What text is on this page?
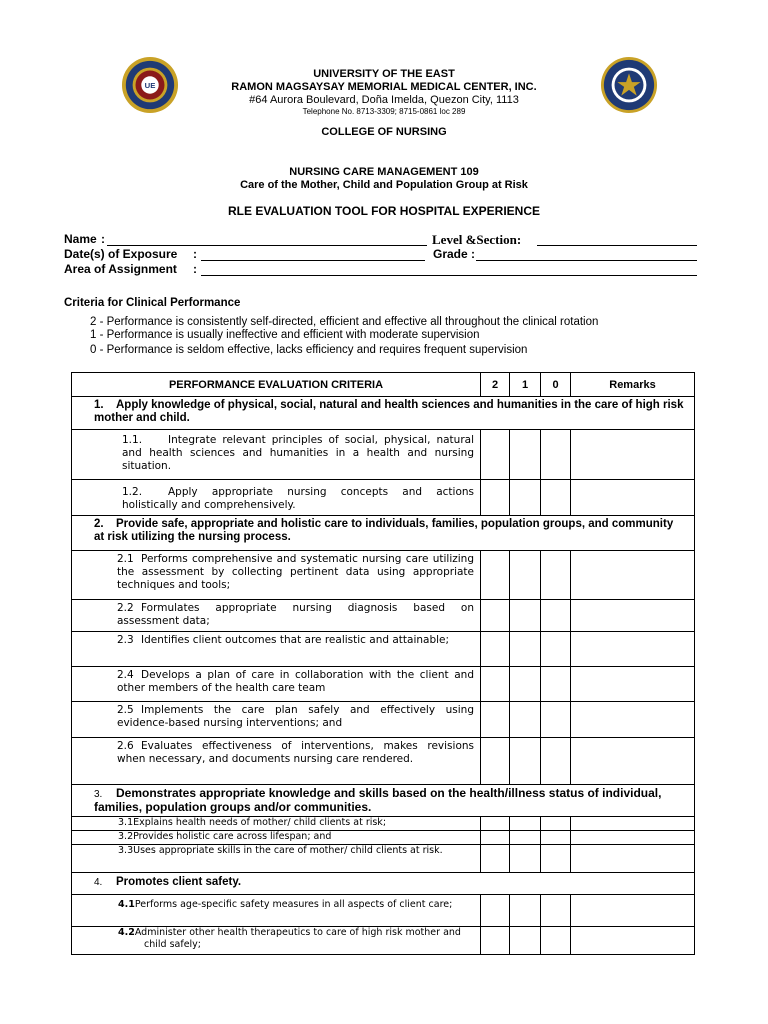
UE
UNIVERSITY OF THE EAST
RAMON MAGSAYSAY MEMORIAL MEDICAL CENTER, INC.
#64 Aurora Boulevard, Doña Imelda, Quezon City, 1113
Telephone No. 8713-3309; 8715-0861 loc 289
COLLEGE OF NURSING
NURSING CARE MANAGEMENT 109
Care of the Mother, Child and Population Group at Risk
RLE EVALUATION TOOL FOR HOSPITAL EXPERIENCE
Name :	Level &Section:
Date(s) of Exposure :	Grade :
Area of Assignment :
Criteria for Clinical Performance
2 - Performance is consistently self-directed, efficient and effective all throughout the clinical rotation
1 - Performance is usually ineffective and efficient with moderate supervision
0 - Performance is seldom effective, lacks efficiency and requires frequent supervision
PERFORMANCE EVALUATION CRITERIA	2	1	0	Remarks
1. Apply knowledge of physical, social, natural and health sciences and humanities in the care of high risk mother and child.				
1.1. Integrate relevant principles of social, physical, natural and health sciences and humanities in a health and nursing situation.				
1.2. Apply appropriate nursing concepts and actions holistically and comprehensively.				
2. Provide safe, appropriate and holistic care to individuals, families, population groups, and community at risk utilizing the nursing process.				
2.1 Performs comprehensive and systematic nursing care utilizing the assessment by collecting pertinent data using appropriate techniques and tools;				
2.2 Formulates appropriate nursing diagnosis based on assessment data;				
2.3 Identifies client outcomes that are realistic and attainable;				
2.4 Develops a plan of care in collaboration with the client and other members of the health care team				
2.5 Implements the care plan safely and effectively using evidence-based nursing interventions; and				
2.6 Evaluates effectiveness of interventions, makes revisions when necessary, and documents nursing care rendered.				
3. Demonstrates appropriate knowledge and skills based on the health/illness status of individual, families, population groups and/or communities.				
3.1Explains health needs of mother/ child clients at risk;				
3.2Provides holistic care across lifespan; and				
3.3Uses appropriate skills in the care of mother/ child clients at risk.				
4. Promotes client safety.				
4.1Performs age-specific safety measures in all aspects of client care;				
4.2Administer other health therapeutics to care of high risk mother and child safely;				
